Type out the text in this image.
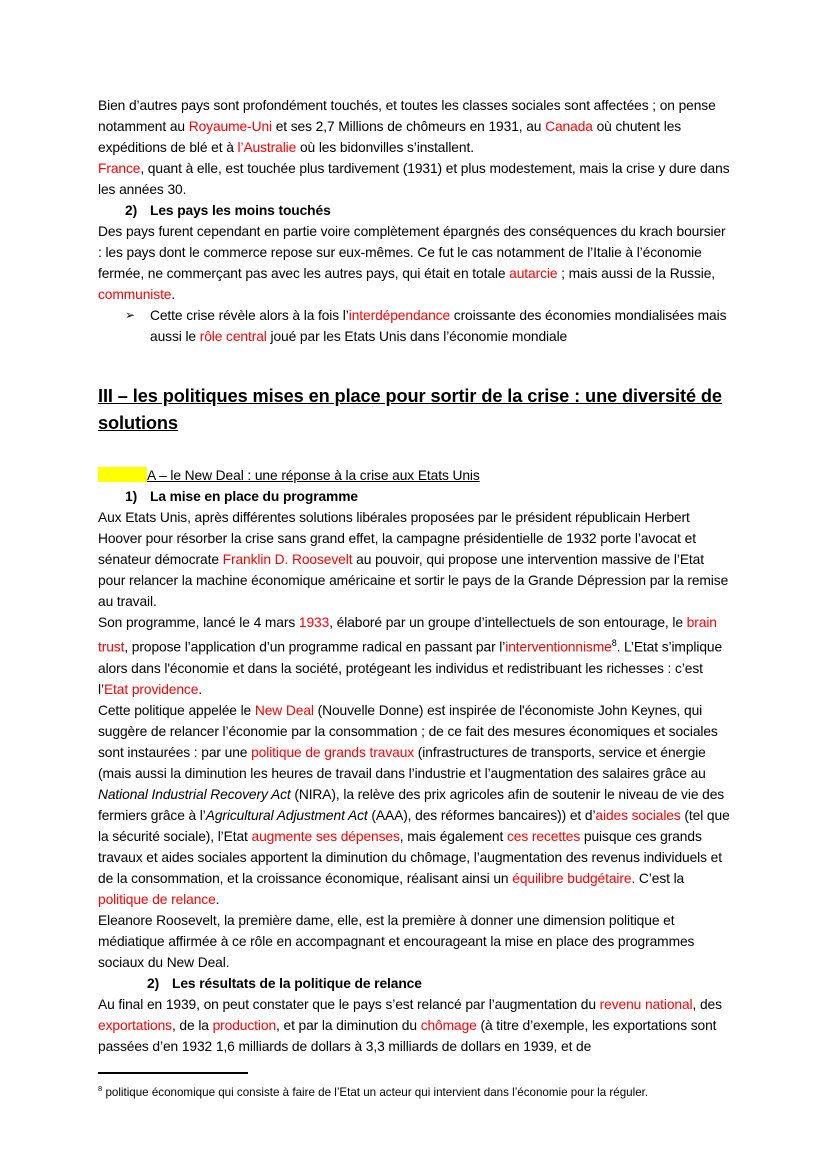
Bien d’autres pays sont profondément touchés, et toutes les classes sociales sont affectées ; on pense notamment au Royaume-Uni et ses 2,7 Millions de chômeurs en 1931, au Canada où chutent les expéditions de blé et à l’Australie où les bidonvilles s’installent.

France, quant à elle, est touchée plus tardivement (1931) et plus modestement, mais la crise y dure dans les années 30.

2) Les pays les moins touchés

Des pays furent cependant en partie voire complètement épargnés des conséquences du krach boursier : les pays dont le commerce repose sur eux-mêmes. Ce fut le cas notamment de l’Italie à l’économie fermée, ne commerçant pas avec les autres pays, qui était en totale autarcie ; mais aussi de la Russie, communiste.

➢ Cette crise révèle alors à la fois l’interdépendance croissante des économies mondialisées mais aussi le rôle central joué par les Etats Unis dans l’économie mondiale

III – les politiques mises en place pour sortir de la crise : une diversité de solutions

A – le New Deal : une réponse à la crise aux Etats Unis

1) La mise en place du programme

Aux Etats Unis, après différentes solutions libérales proposées par le président républicain Herbert Hoover pour résorber la crise sans grand effet, la campagne présidentielle de 1932 porte l’avocat et sénateur démocrate Franklin D. Roosevelt au pouvoir, qui propose une intervention massive de l’Etat pour relancer la machine économique américaine et sortir le pays de la Grande Dépression par la remise au travail.

Son programme, lancé le 4 mars 1933, élaboré par un groupe d’intellectuels de son entourage, le brain trust, propose l’application d’un programme radical en passant par l’interventionnisme$^8$. L’Etat s’implique alors dans l'économie et dans la société, protégeant les individus et redistribuant les richesses : c’est l’Etat providence.

Cette politique appelée le New Deal (Nouvelle Donne) est inspirée de l'économiste John Keynes, qui suggère de relancer l’économie par la consommation ; de ce fait des mesures économiques et sociales sont instaurées : par une politique de grands travaux (infrastructures de transports, service et énergie (mais aussi la diminution les heures de travail dans l’industrie et l’augmentation des salaires grâce au National Industrial Recovery Act (NIRA), la relève des prix agricoles afin de soutenir le niveau de vie des fermiers grâce à l’Agricultural Adjustment Act (AAA), des réformes bancaires)) et d’aides sociales (tel que la sécurité sociale), l’Etat augmente ses dépenses, mais également ces recettes puisque ces grands travaux et aides sociales apportent la diminution du chômage, l’augmentation des revenus individuels et de la consommation, et la croissance économique, réalisant ainsi un équilibre budgétaire. C’est la politique de relance.

Eleanore Roosevelt, la première dame, elle, est la première à donner une dimension politique et médiatique affirmée à ce rôle en accompagnant et encourageant la mise en place des programmes sociaux du New Deal.

2) Les résultats de la politique de relance

Au final en 1939, on peut constater que le pays s’est relancé par l’augmentation du revenu national, des exportations, de la production, et par la diminution du chômage (à titre d’exemple, les exportations sont passées d’en 1932 1,6 milliards de dollars à 3,3 milliards de dollars en 1939, et de

$^8$ politique économique qui consiste à faire de l’Etat un acteur qui intervient dans l’économie pour la réguler.
